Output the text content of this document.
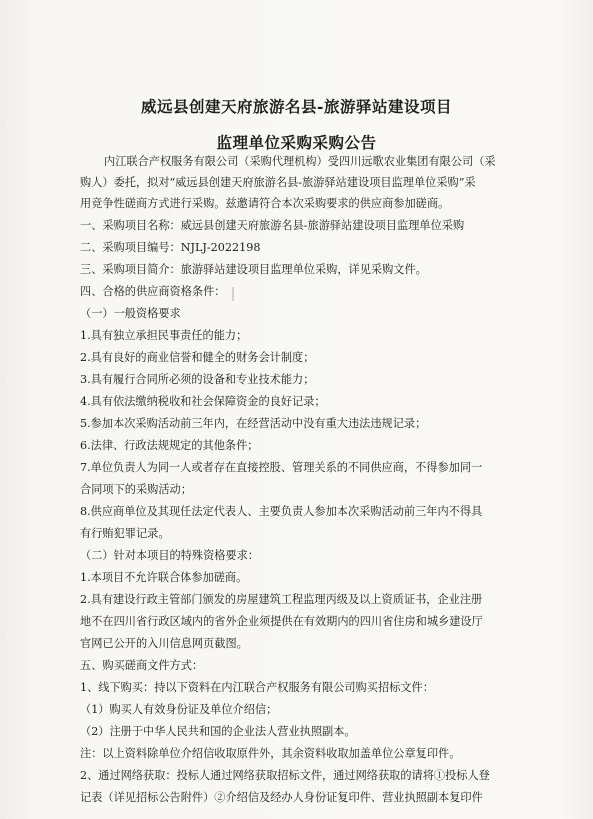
威远县创建天府旅游名县-旅游驿站建设项目
监理单位采购采购公告
内江联合产权服务有限公司（采购代理机构）受四川远歌农业集团有限公司（采
购人）委托，拟对“威远县创建天府旅游名县-旅游驿站建设项目监理单位采购”采
用竞争性磋商方式进行采购。兹邀请符合本次采购要求的供应商参加磋商。
一、采购项目名称：威远县创建天府旅游名县-旅游驿站建设项目监理单位采购
二、采购项目编号：NJLJ-2022198
三、采购项目简介：旅游驿站建设项目监理单位采购，详见采购文件。
四、合格的供应商资格条件：
（一）一般资格要求
1.具有独立承担民事责任的能力；
2.具有良好的商业信誉和健全的财务会计制度；
3.具有履行合同所必须的设备和专业技术能力；
4.具有依法缴纳税收和社会保障资金的良好记录；
5.参加本次采购活动前三年内，在经营活动中没有重大违法违规记录；
6.法律、行政法规规定的其他条件；
7.单位负责人为同一人或者存在直接控股、管理关系的不同供应商，不得参加同一
合同项下的采购活动；
8.供应商单位及其现任法定代表人、主要负责人参加本次采购活动前三年内不得具
有行贿犯罪记录。
（二）针对本项目的特殊资格要求：
1.本项目不允许联合体参加磋商。
2.具有建设行政主管部门颁发的房屋建筑工程监理丙级及以上资质证书，企业注册
地不在四川省行政区域内的省外企业须提供在有效期内的四川省住房和城乡建设厅
官网已公开的入川信息网页截图。
五、购买磋商文件方式：
1、线下购买：持以下资料在内江联合产权服务有限公司购买招标文件：
（1）购买人有效身份证及单位介绍信；
（2）注册于中华人民共和国的企业法人营业执照副本。
注：以上资料除单位介绍信收取原件外，其余资料收取加盖单位公章复印件。
2、通过网络获取：投标人通过网络获取招标文件，通过网络获取的请将①投标人登
记表（详见招标公告附件）②介绍信及经办人身份证复印件、营业执照副本复印件
